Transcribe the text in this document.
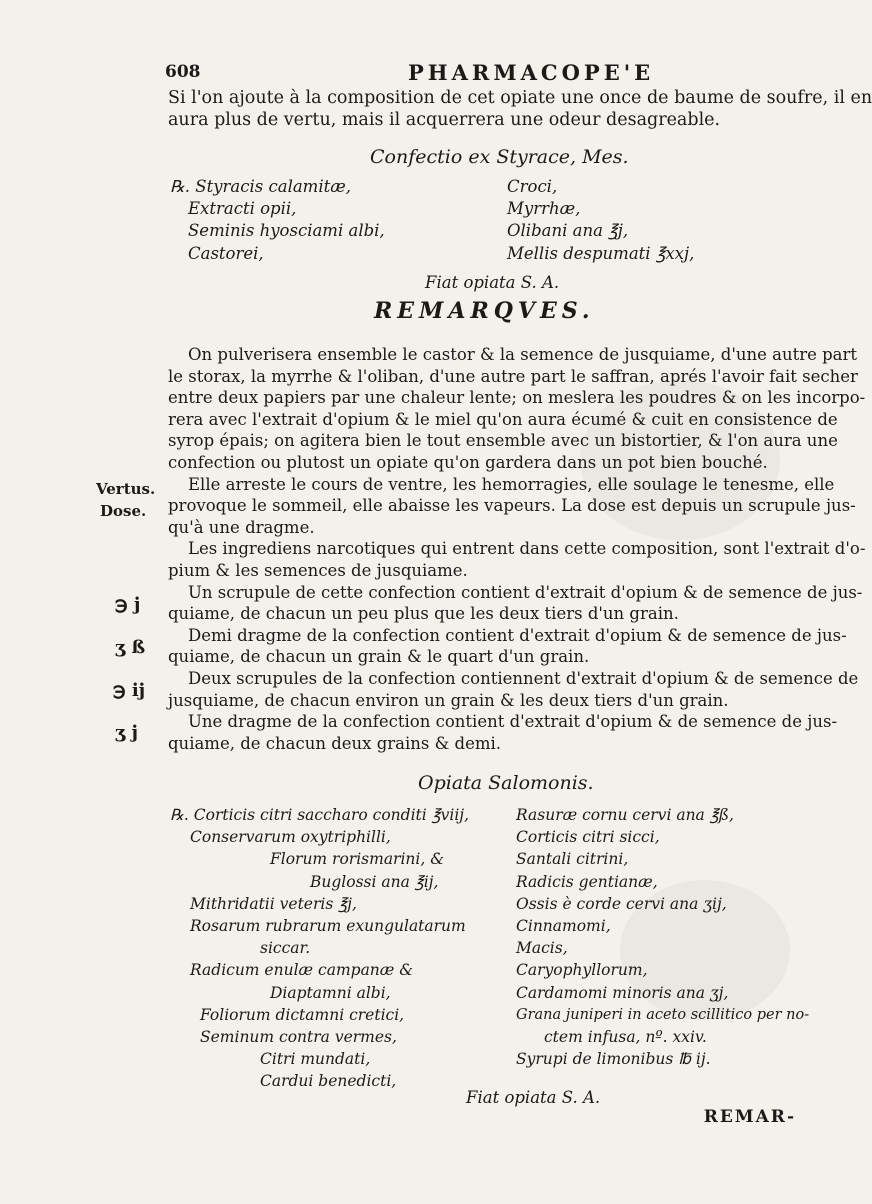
608	PHARMACOPE'E
Si l'on ajoute à la composition de cet opiate une once de baume de soufre, il en
aura plus de vertu, mais il acquerrera une odeur desagreable.
Confectio ex Styrace, Mes.
℞. Styracis calamitæ,
Extracti opii,
Seminis hyosciami albi,
Castorei,
Croci,
Myrrhæ,
Olibani ana ℥j,
Mellis despumati ℥xxj,
Fiat opiata S. A.
REMARQVES.
On pulverisera ensemble le castor & la semence de jusquiame, d'une autre part
le storax, la myrrhe & l'oliban, d'une autre part le saffran, aprés l'avoir fait secher
entre deux papiers par une chaleur lente; on meslera les poudres & on les incorpo-
rera avec l'extrait d'opium & le miel qu'on aura écumé & cuit en consistence de
syrop épais; on agitera bien le tout ensemble avec un bistortier, & l'on aura une
confection ou plutost un opiate qu'on gardera dans un pot bien bouché.
Elle arreste le cours de ventre, les hemorragies, elle soulage le tenesme, elle
provoque le sommeil, elle abaisse les vapeurs. La dose est depuis un scrupule jus-
qu'à une dragme.
Les ingrediens narcotiques qui entrent dans cette composition, sont l'extrait d'o-
pium & les semences de jusquiame.
Un scrupule de cette confection contient d'extrait d'opium & de semence de jus-
quiame, de chacun un peu plus que les deux tiers d'un grain.
Demi dragme de la confection contient d'extrait d'opium & de semence de jus-
quiame, de chacun un grain & le quart d'un grain.
Deux scrupules de la confection contiennent d'extrait d'opium & de semence de
jusquiame, de chacun environ un grain & les deux tiers d'un grain.
Une dragme de la confection contient d'extrait d'opium & de semence de jus-
quiame, de chacun deux grains & demi.
Vertus.
Dose.
℈ j
ʒ ß
℈ ij
ʒ j
Opiata Salomonis.
℞. Corticis citri saccharo conditi ℥viij,
Conservarum oxytriphilli,
Florum rorismarini, &
Buglossi ana ℥ij,
Mithridatii veteris ℥j,
Rosarum rubrarum exungulatarum
siccar.
Radicum enulæ campanæ &
Diaptamni albi,
Foliorum dictamni cretici,
Seminum contra vermes,
Citri mundati,
Cardui benedicti,
Rasuræ cornu cervi ana ℥ß,
Corticis citri sicci,
Santali citrini,
Radicis gentianæ,
Ossis è corde cervi ana ʒij,
Cinnamomi,
Macis,
Caryophyllorum,
Cardamomi minoris ana ʒj,
Grana juniperi in aceto scillitico per no-
ctem infusa, nº. xxiv.
Syrupi de limonibus ℔ ij.
Fiat opiata S. A.
REMAR-
